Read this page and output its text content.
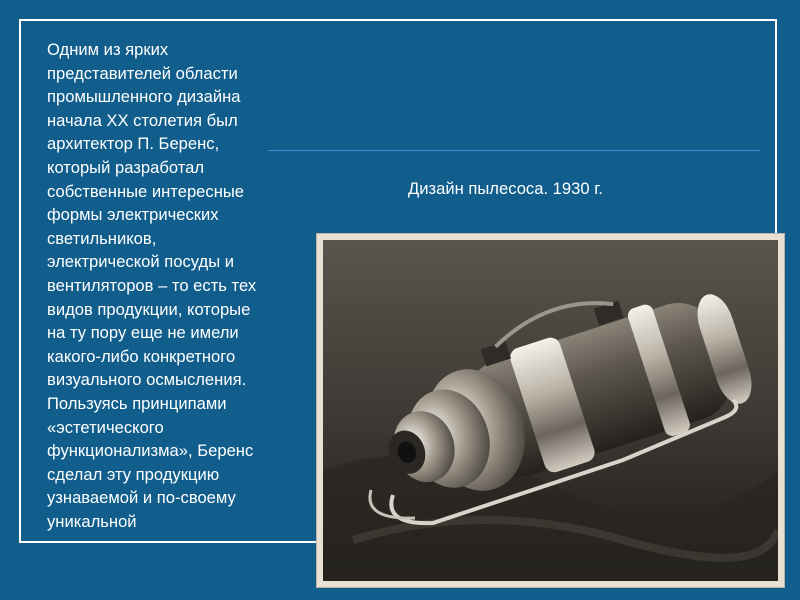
Одним из ярких
представителей области
промышленного дизайна
начала XX столетия был
архитектор П. Беренс,
который разработал
собственные интересные
формы электрических
светильников,
электрической посуды и
вентиляторов – то есть тех
видов продукции, которые
на ту пору еще не имели
какого-либо конкретного
визуального осмысления.
Пользуясь принципами
«эстетического
функционализма», Беренс
сделал эту продукцию
узнаваемой и по-своему
уникальной
Дизайн пылесоса. 1930 г.
